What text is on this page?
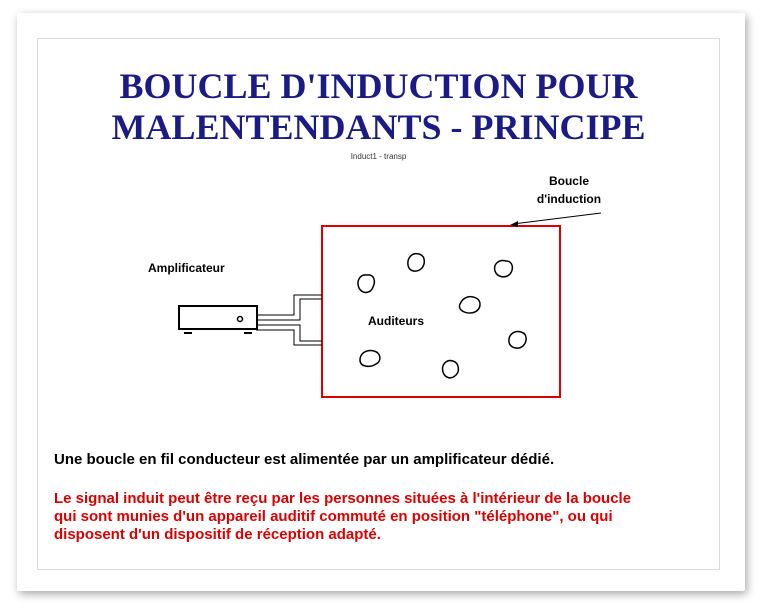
BOUCLE D'INDUCTION POUR
MALENTENDANTS - PRINCIPE
Induct1 - transp
Amplificateur
Auditeurs
Boucle
d'induction

Une boucle en fil conducteur est alimentée par un amplificateur dédié.

Le signal induit peut être reçu par les personnes situées à l'intérieur de la boucle
qui sont munies d'un appareil auditif commuté en position "téléphone", ou qui
disposent d'un dispositif de réception adapté.
